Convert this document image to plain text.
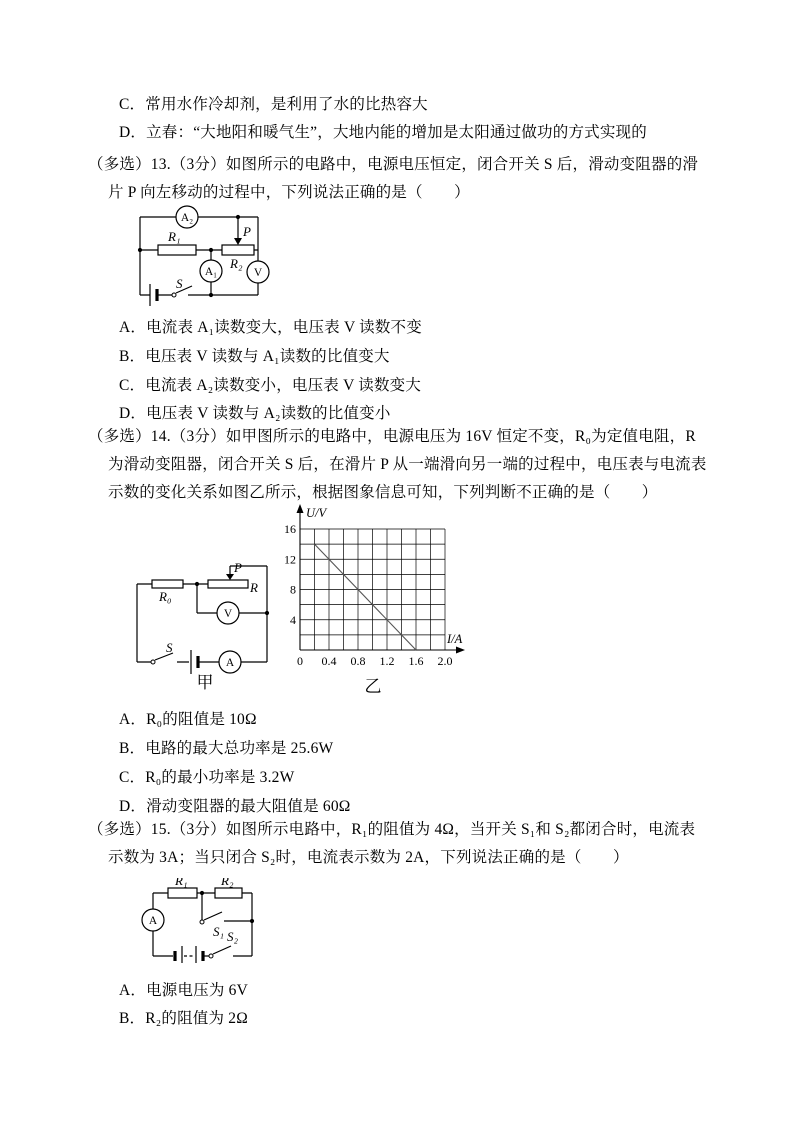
C．常用水作冷却剂，是利用了水的比热容大
D．立春：“大地阳和暖气生”，大地内能的增加是太阳通过做功的方式实现的
（多选）13.（3分）如图所示的电路中，电源电压恒定，闭合开关 S 后，滑动变阻器的滑
片 P 向左移动的过程中，下列说法正确的是（　　）
A₂
A₁	V
R₁	P
R₂
S
A．电流表 A₁读数变大，电压表 V 读数不变
B．电压表 V 读数与 A₁读数的比值变大
C．电流表 A₂读数变小，电压表 V 读数变大
D．电压表 V 读数与 A₂读数的比值变小
（多选）14.（3分）如甲图所示的电路中，电源电压为 16V 恒定不变，R₀为定值电阻，R
为滑动变阻器，闭合开关 S 后，在滑片 P 从一端滑向另一端的过程中，电压表与电流表
示数的变化关系如图乙所示，根据图象信息可知，下列判断不正确的是（　　）
V
A
R₀
R
P
S
甲
U/V
I/A
0 0.4 0.8 1.2 1.6 2.0
4
8
12
16
乙
A．R₀的阻值是 10Ω
B．电路的最大总功率是 25.6W
C．R₀的最小功率是 3.2W
D．滑动变阻器的最大阻值是 60Ω
（多选）15.（3分）如图所示电路中，R₁的阻值为 4Ω，当开关 S₁和 S₂都闭合时，电流表
示数为 3A；当只闭合 S₂时，电流表示数为 2A，下列说法正确的是（　　）
A
R₁	R₂
S₁ S₂
A．电源电压为 6V
B．R₂的阻值为 2Ω
